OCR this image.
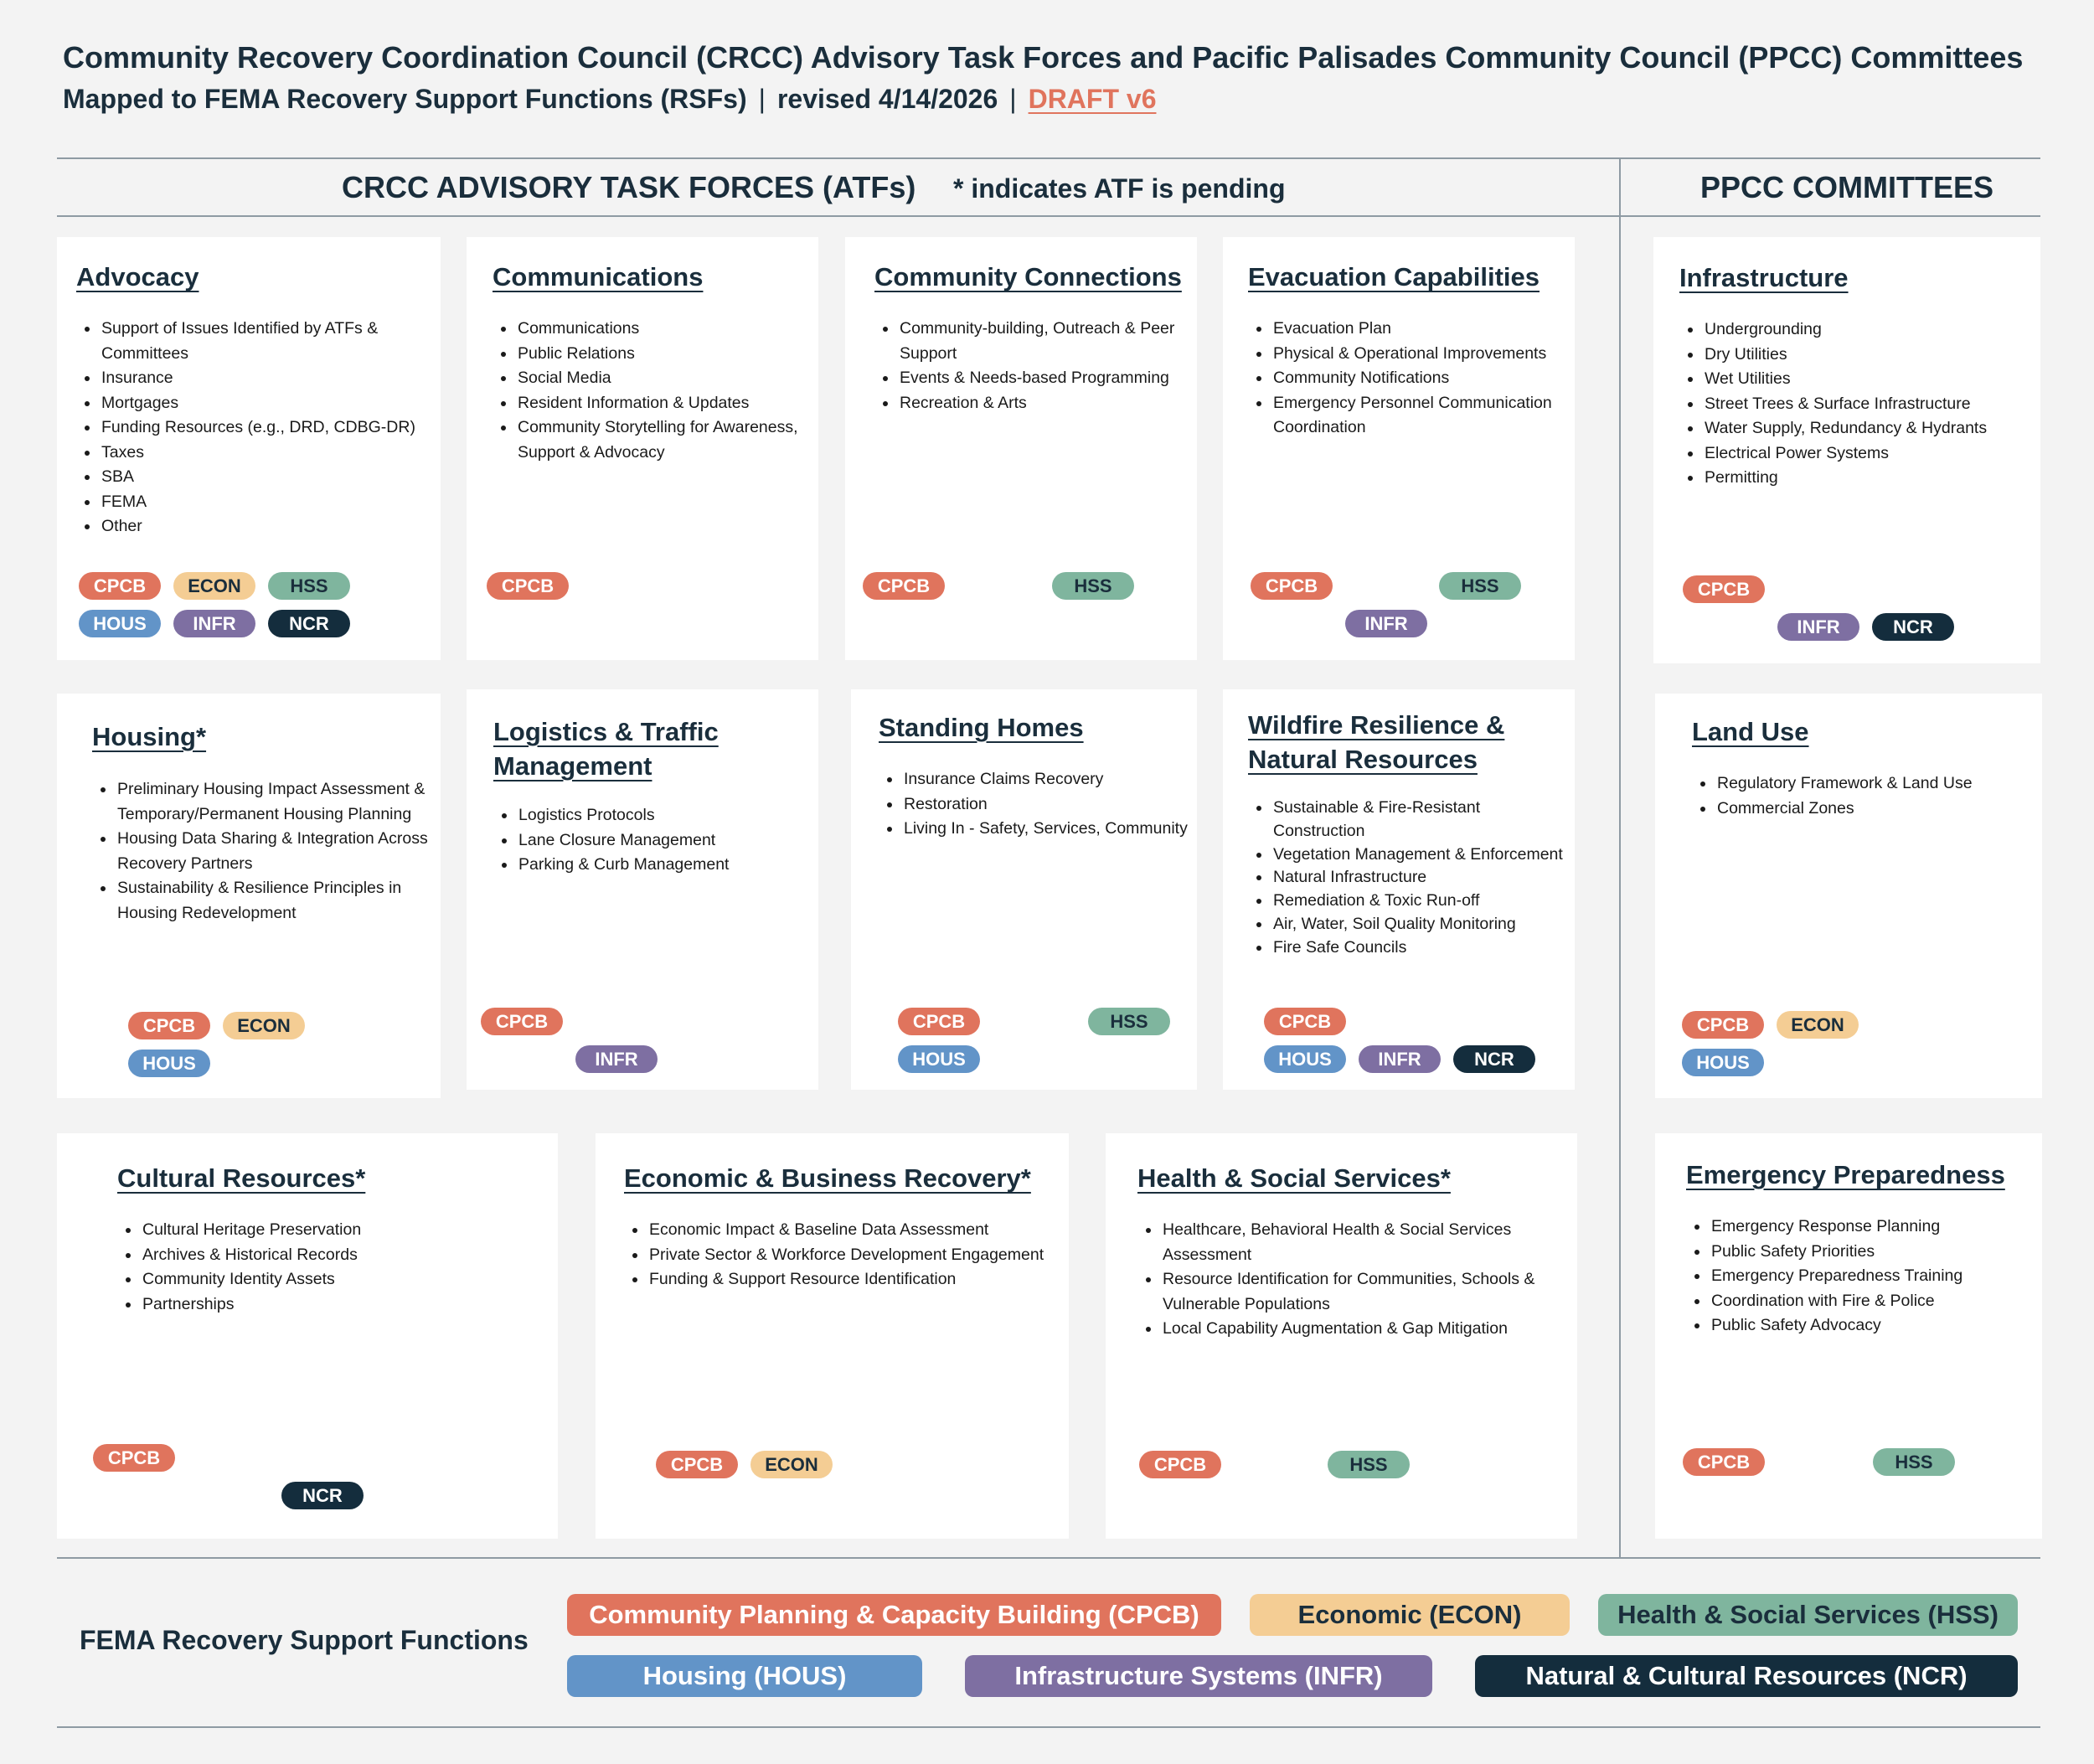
Community Recovery Coordination Council (CRCC) Advisory Task Forces and Pacific Palisades Community Council (PPCC) Committees
Mapped to FEMA Recovery Support Functions (RSFs) | revised 4/14/2026 | DRAFT v6
CRCC ADVISORY TASK FORCES (ATFs) * indicates ATF is pending	PPCC COMMITTEES
Advocacy
• Support of Issues Identified by ATFs & Committees
• Insurance
• Mortgages
• Funding Resources (e.g., DRD, CDBG-DR)
• Taxes
• SBA
• FEMA
• Other
CPCB	ECON	HSS
HOUS	INFR	NCR
Communications
• Communications
• Public Relations
• Social Media
• Resident Information & Updates
• Community Storytelling for Awareness, Support & Advocacy
CPCB
Community Connections
• Community-building, Outreach & Peer Support
• Events & Needs-based Programming
• Recreation & Arts
CPCB	HSS
Evacuation Capabilities
• Evacuation Plan
• Physical & Operational Improvements
• Community Notifications
• Emergency Personnel Communication Coordination
CPCB	HSS
INFR
Infrastructure
• Undergrounding
• Dry Utilities
• Wet Utilities
• Street Trees & Surface Infrastructure
• Water Supply, Redundancy & Hydrants
• Electrical Power Systems
• Permitting
CPCB
INFR	NCR
Housing*
• Preliminary Housing Impact Assessment & Temporary/Permanent Housing Planning
• Housing Data Sharing & Integration Across Recovery Partners
• Sustainability & Resilience Principles in Housing Redevelopment
CPCB	ECON
HOUS
Logistics & Traffic Management
• Logistics Protocols
• Lane Closure Management
• Parking & Curb Management
CPCB
INFR
Standing Homes
• Insurance Claims Recovery
• Restoration
• Living In - Safety, Services, Community
CPCB	HSS
HOUS
Wildfire Resilience & Natural Resources
• Sustainable & Fire-Resistant Construction
• Vegetation Management & Enforcement
• Natural Infrastructure
• Remediation & Toxic Run-off
• Air, Water, Soil Quality Monitoring
• Fire Safe Councils
CPCB
HOUS	INFR	NCR
Land Use
• Regulatory Framework & Land Use
• Commercial Zones
CPCB	ECON
HOUS
Cultural Resources*
• Cultural Heritage Preservation
• Archives & Historical Records
• Community Identity Assets
• Partnerships
CPCB
NCR
Economic & Business Recovery*
• Economic Impact & Baseline Data Assessment
• Private Sector & Workforce Development Engagement
• Funding & Support Resource Identification
CPCB	ECON
Health & Social Services*
• Healthcare, Behavioral Health & Social Services Assessment
• Resource Identification for Communities, Schools & Vulnerable Populations
• Local Capability Augmentation & Gap Mitigation
CPCB	HSS
Emergency Preparedness
• Emergency Response Planning
• Public Safety Priorities
• Emergency Preparedness Training
• Coordination with Fire & Police
• Public Safety Advocacy
CPCB	HSS
FEMA Recovery Support Functions
Community Planning & Capacity Building (CPCB)	Economic (ECON)	Health & Social Services (HSS)
Housing (HOUS)	Infrastructure Systems (INFR)	Natural & Cultural Resources (NCR)
